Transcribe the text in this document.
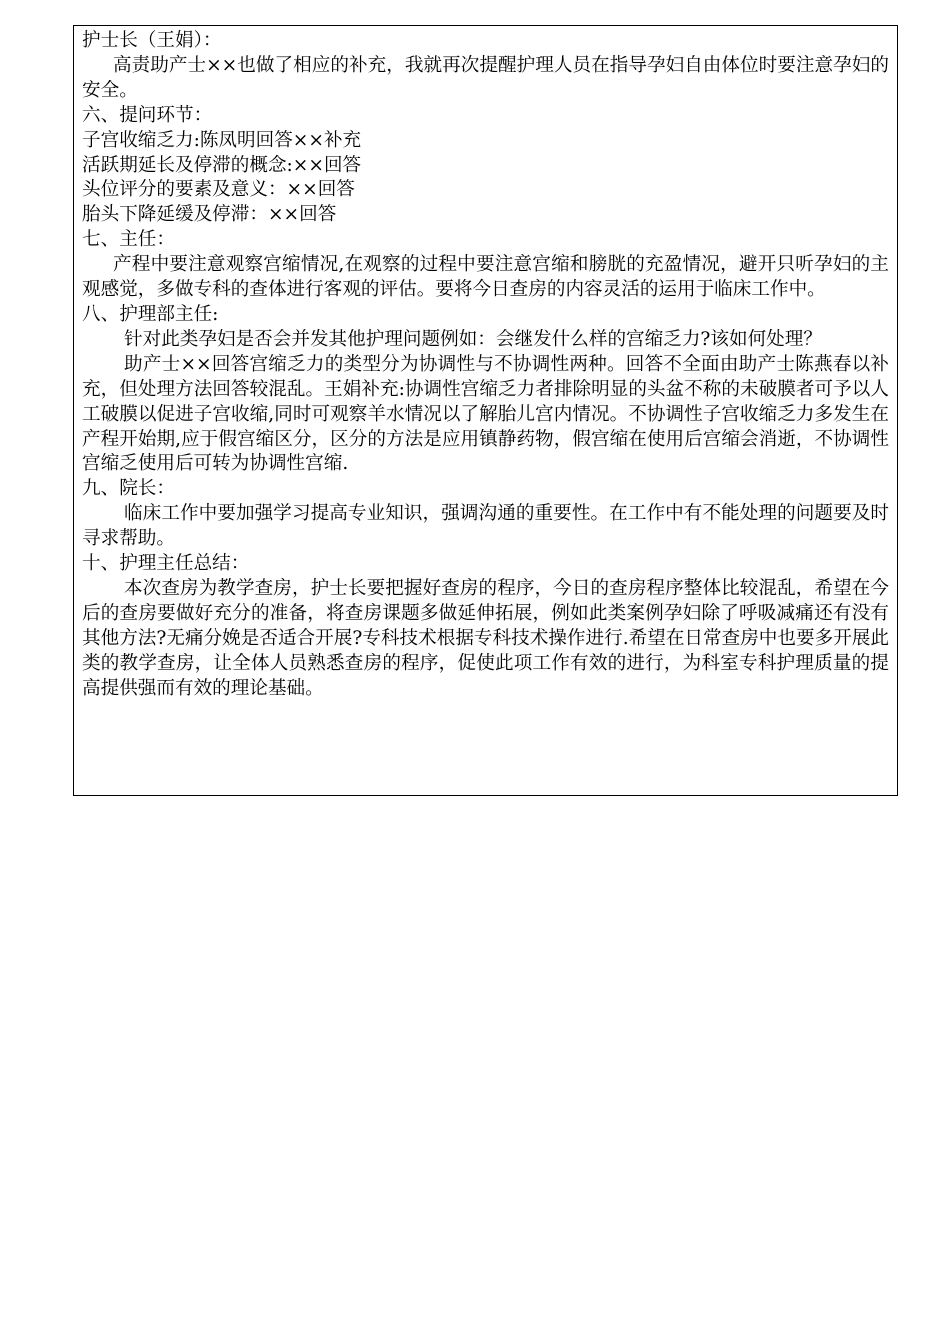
护士长（王娟）：

高责助产士××也做了相应的补充，我就再次提醒护理人员在指导孕妇自由体位时要注意孕妇的安全。

六、提问环节：

子宫收缩乏力:陈凤明回答××补充

活跃期延长及停滞的概念:××回答

头位评分的要素及意义：××回答

胎头下降延缓及停滞：××回答

七、主任：

产程中要注意观察宫缩情况,在观察的过程中要注意宫缩和膀胱的充盈情况，避开只听孕妇的主观感觉，多做专科的查体进行客观的评估。要将今日查房的内容灵活的运用于临床工作中。

八、护理部主任:

针对此类孕妇是否会并发其他护理问题例如：会继发什么样的宫缩乏力?该如何处理？

助产士××回答宫缩乏力的类型分为协调性与不协调性两种。回答不全面由助产士陈燕春以补充，但处理方法回答较混乱。王娟补充:协调性宫缩乏力者排除明显的头盆不称的未破膜者可予以人工破膜以促进子宫收缩,同时可观察羊水情况以了解胎儿宫内情况。不协调性子宫收缩乏力多发生在产程开始期,应于假宫缩区分，区分的方法是应用镇静药物，假宫缩在使用后宫缩会消逝，不协调性宫缩乏使用后可转为协调性宫缩.

九、院长：

临床工作中要加强学习提高专业知识，强调沟通的重要性。在工作中有不能处理的问题要及时寻求帮助。

十、护理主任总结：

本次查房为教学查房，护士长要把握好查房的程序，今日的查房程序整体比较混乱，希望在今后的查房要做好充分的准备，将查房课题多做延伸拓展，例如此类案例孕妇除了呼吸减痛还有没有其他方法?无痛分娩是否适合开展?专科技术根据专科技术操作进行.希望在日常查房中也要多开展此类的教学查房，让全体人员熟悉查房的程序，促使此项工作有效的进行，为科室专科护理质量的提高提供强而有效的理论基础。
